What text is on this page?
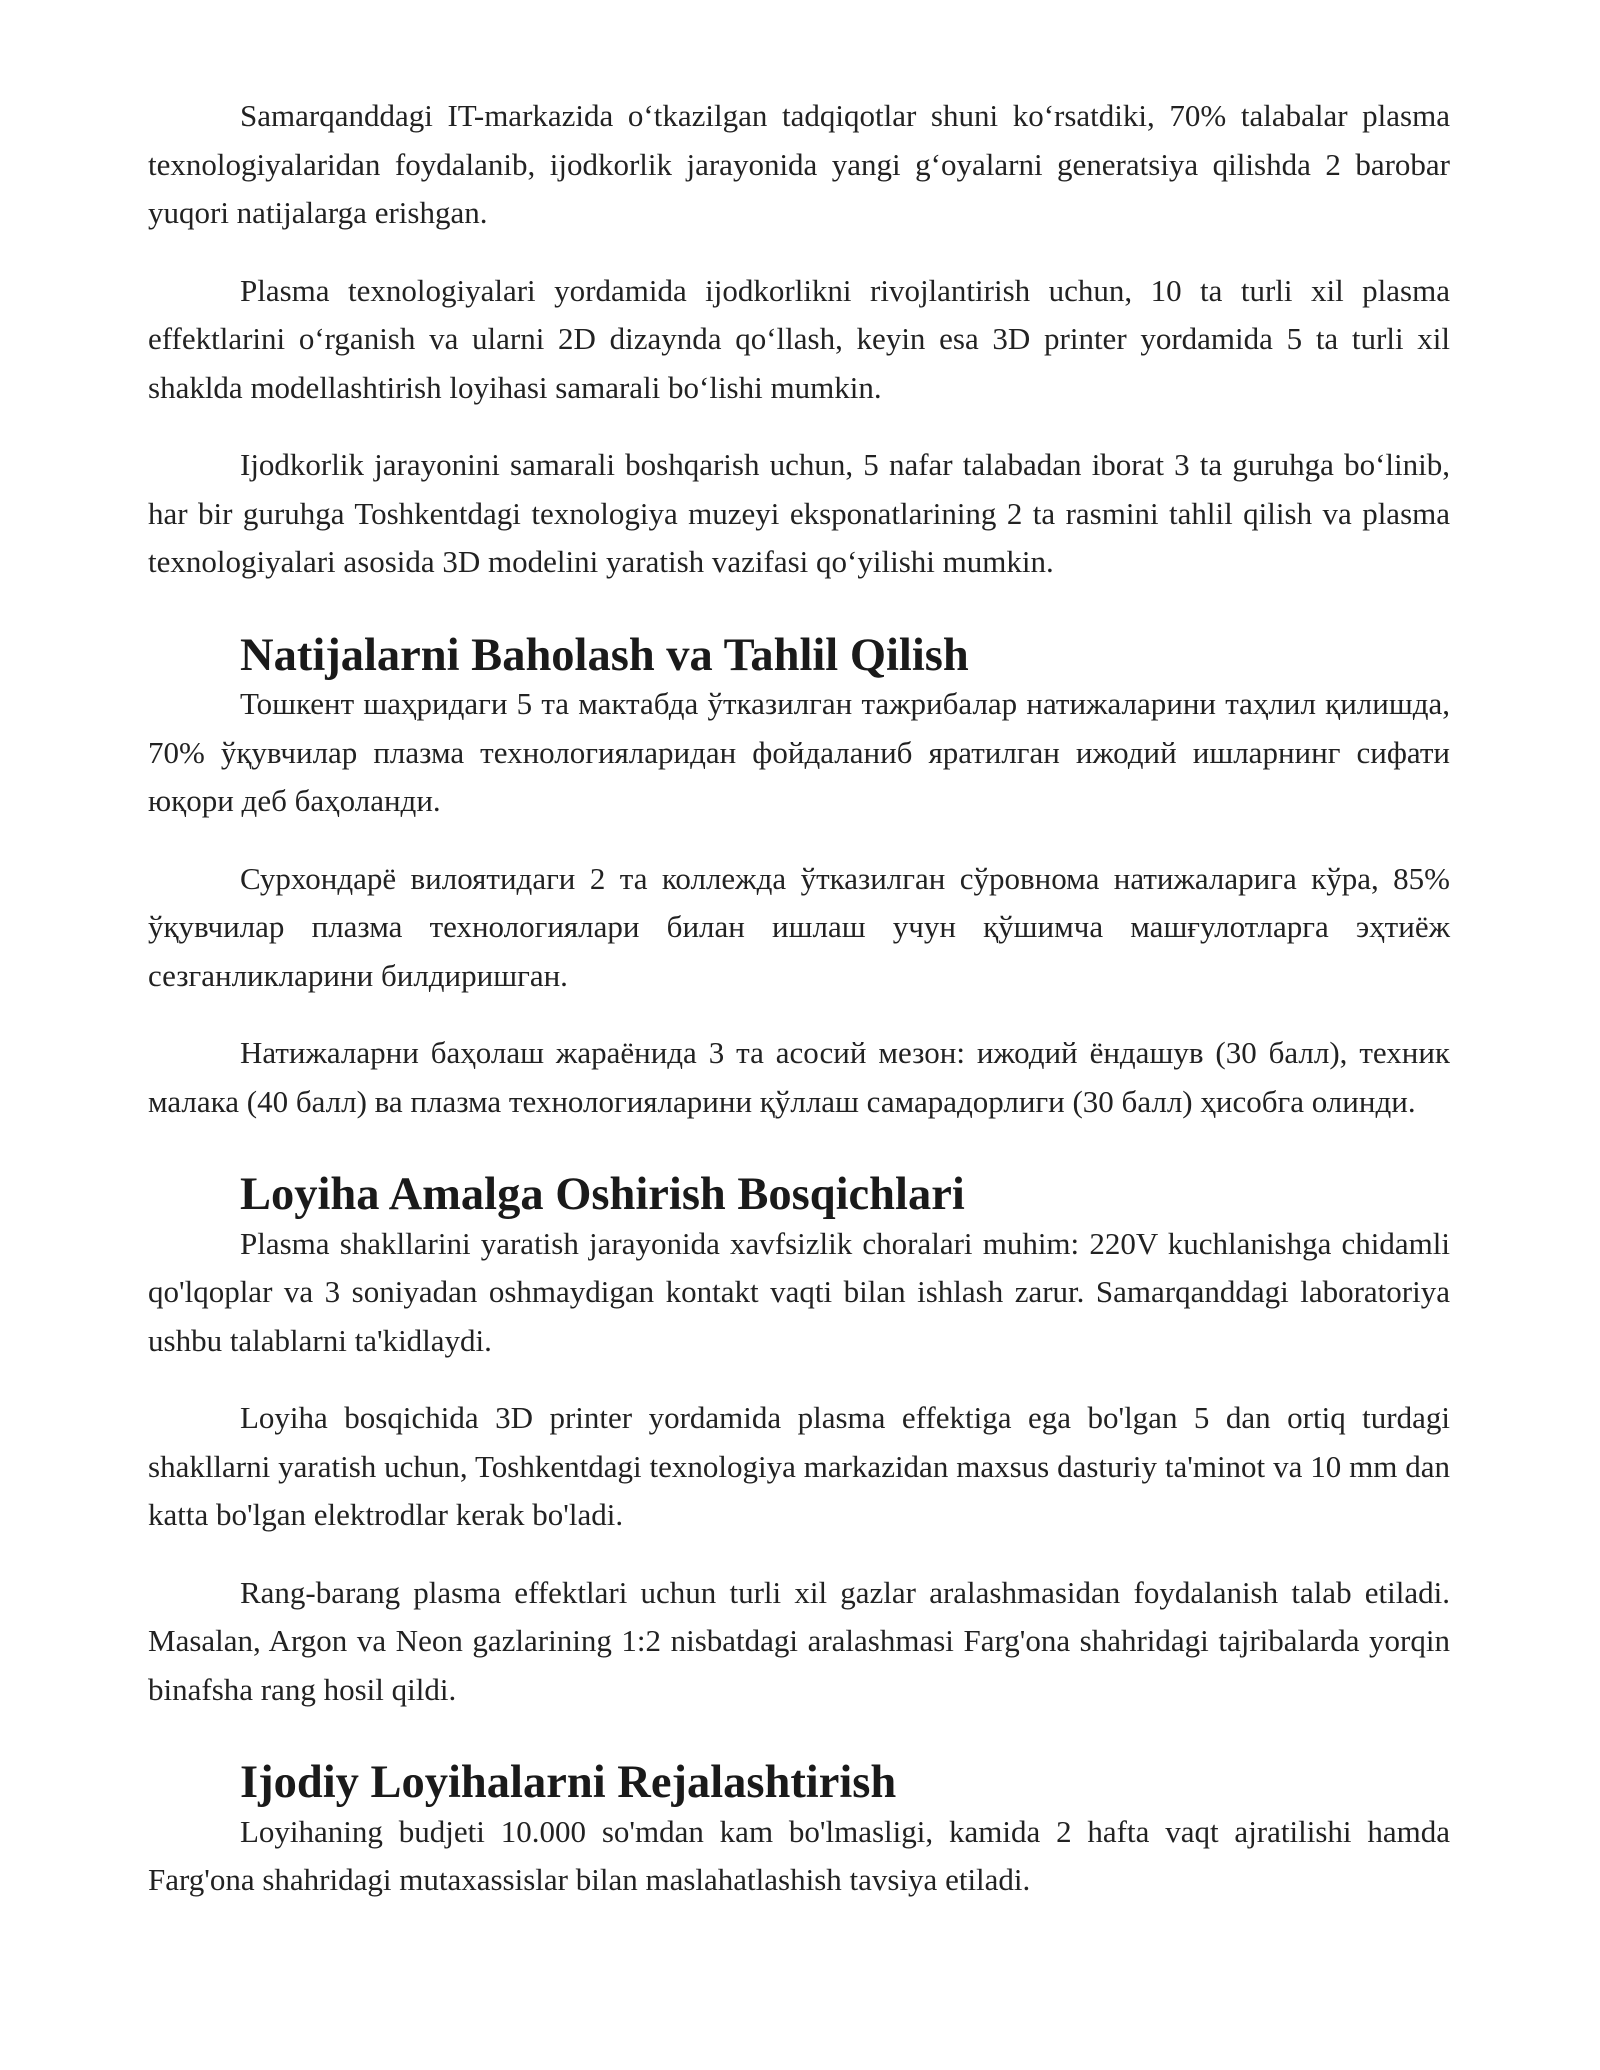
Samarqanddagi IT-markazida o‘tkazilgan tadqiqotlar shuni ko‘rsatdiki, 70% talabalar plasma texnologiyalaridan foydalanib, ijodkorlik jarayonida yangi g‘oyalarni generatsiya qilishda 2 barobar yuqori natijalarga erishgan.

Plasma texnologiyalari yordamida ijodkorlikni rivojlantirish uchun, 10 ta turli xil plasma effektlarini o‘rganish va ularni 2D dizaynda qo‘llash, keyin esa 3D printer yordamida 5 ta turli xil shaklda modellashtirish loyihasi samarali bo‘lishi mumkin.

Ijodkorlik jarayonini samarali boshqarish uchun, 5 nafar talabadan iborat 3 ta guruhga bo‘linib, har bir guruhga Toshkentdagi texnologiya muzeyi eksponatlarining 2 ta rasmini tahlil qilish va plasma texnologiyalari asosida 3D modelini yaratish vazifasi qo‘yilishi mumkin.

Natijalarni Baholash va Tahlil Qilish

Тошкент шаҳридаги 5 та мактабда ўтказилган тажрибалар натижаларини таҳлил қилишда, 70% ўқувчилар плазма технологияларидан фойдаланиб яратилган ижодий ишларнинг сифати юқори деб баҳоланди.

Сурхондарё вилоятидаги 2 та коллежда ўтказилган сўровнома натижаларига кўра, 85% ўқувчилар плазма технологиялари билан ишлаш учун қўшимча машғулотларга эҳтиёж сезганликларини билдиришган.

Натижаларни баҳолаш жараёнида 3 та асосий мезон: ижодий ёндашув (30 балл), техник малака (40 балл) ва плазма технологияларини қўллаш самарадорлиги (30 балл) ҳисобга олинди.

Loyiha Amalga Oshirish Bosqichlari

Plasma shakllarini yaratish jarayonida xavfsizlik choralari muhim: 220V kuchlanishga chidamli qo'lqoplar va 3 soniyadan oshmaydigan kontakt vaqti bilan ishlash zarur. Samarqanddagi laboratoriya ushbu talablarni ta'kidlaydi.

Loyiha bosqichida 3D printer yordamida plasma effektiga ega bo'lgan 5 dan ortiq turdagi shakllarni yaratish uchun, Toshkentdagi texnologiya markazidan maxsus dasturiy ta'minot va 10 mm dan katta bo'lgan elektrodlar kerak bo'ladi.

Rang-barang plasma effektlari uchun turli xil gazlar aralashmasidan foydalanish talab etiladi. Masalan, Argon va Neon gazlarining 1:2 nisbatdagi aralashmasi Farg'ona shahridagi tajribalarda yorqin binafsha rang hosil qildi.

Ijodiy Loyihalarni Rejalashtirish

Loyihaning budjeti 10.000 so'mdan kam bo'lmasligi, kamida 2 hafta vaqt ajratilishi hamda Farg'ona shahridagi mutaxassislar bilan maslahatlashish tavsiya etiladi.
